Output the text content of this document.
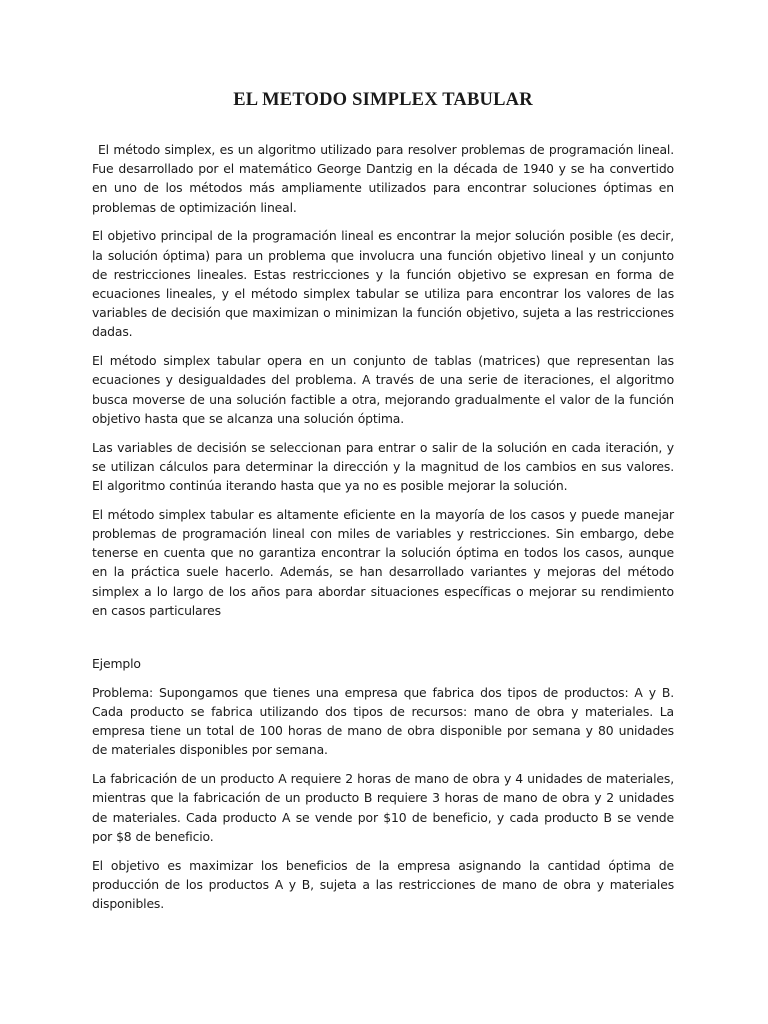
EL METODO SIMPLEX TABULAR

El método simplex, es un algoritmo utilizado para resolver problemas de programación lineal. Fue desarrollado por el matemático George Dantzig en la década de 1940 y se ha convertido en uno de los métodos más ampliamente utilizados para encontrar soluciones óptimas en problemas de optimización lineal.

El objetivo principal de la programación lineal es encontrar la mejor solución posible (es decir, la solución óptima) para un problema que involucra una función objetivo lineal y un conjunto de restricciones lineales. Estas restricciones y la función objetivo se expresan en forma de ecuaciones lineales, y el método simplex tabular se utiliza para encontrar los valores de las variables de decisión que maximizan o minimizan la función objetivo, sujeta a las restricciones dadas.

El método simplex tabular opera en un conjunto de tablas (matrices) que representan las ecuaciones y desigualdades del problema. A través de una serie de iteraciones, el algoritmo busca moverse de una solución factible a otra, mejorando gradualmente el valor de la función objetivo hasta que se alcanza una solución óptima.

Las variables de decisión se seleccionan para entrar o salir de la solución en cada iteración, y se utilizan cálculos para determinar la dirección y la magnitud de los cambios en sus valores. El algoritmo continúa iterando hasta que ya no es posible mejorar la solución.

El método simplex tabular es altamente eficiente en la mayoría de los casos y puede manejar problemas de programación lineal con miles de variables y restricciones. Sin embargo, debe tenerse en cuenta que no garantiza encontrar la solución óptima en todos los casos, aunque en la práctica suele hacerlo. Además, se han desarrollado variantes y mejoras del método simplex a lo largo de los años para abordar situaciones específicas o mejorar su rendimiento en casos particulares

Ejemplo

Problema: Supongamos que tienes una empresa que fabrica dos tipos de productos: A y B. Cada producto se fabrica utilizando dos tipos de recursos: mano de obra y materiales. La empresa tiene un total de 100 horas de mano de obra disponible por semana y 80 unidades de materiales disponibles por semana.

La fabricación de un producto A requiere 2 horas de mano de obra y 4 unidades de materiales, mientras que la fabricación de un producto B requiere 3 horas de mano de obra y 2 unidades de materiales. Cada producto A se vende por $10 de beneficio, y cada producto B se vende por $8 de beneficio.

El objetivo es maximizar los beneficios de la empresa asignando la cantidad óptima de producción de los productos A y B, sujeta a las restricciones de mano de obra y materiales disponibles.
